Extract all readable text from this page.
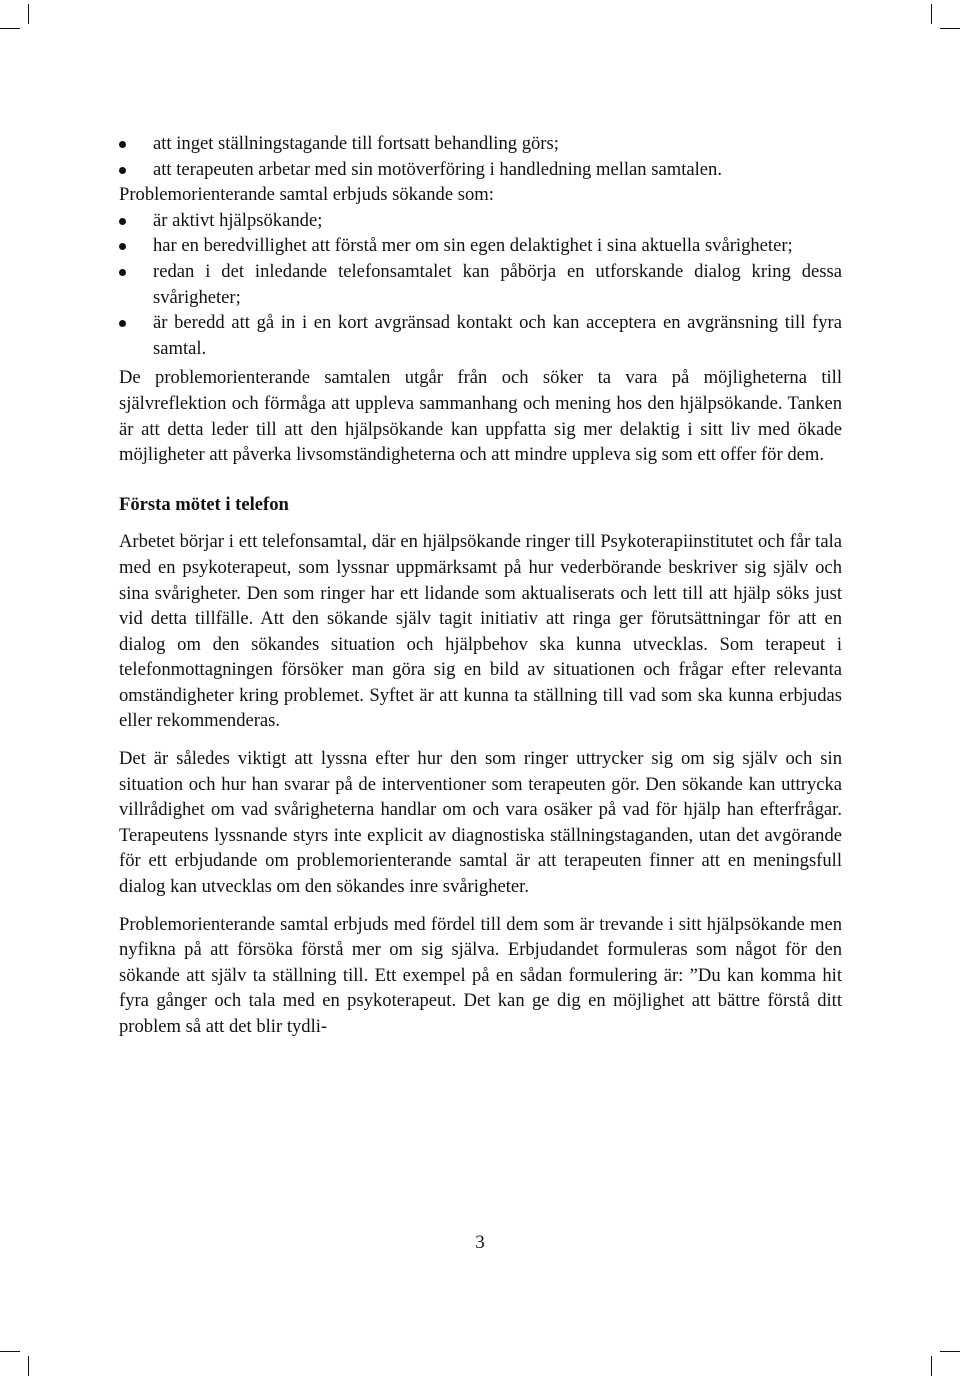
att inget ställningstagande till fortsatt behandling görs;
att terapeuten arbetar med sin motöverföring i handledning mellan samtalen.

Problemorienterande samtal erbjuds sökande som:

är aktivt hjälpsökande;
har en beredvillighet att förstå mer om sin egen delaktighet i sina aktuella svårigheter;
redan i det inledande telefonsamtalet kan påbörja en utforskande dialog kring dessa svårigheter;
är beredd att gå in i en kort avgränsad kontakt och kan acceptera en avgränsning till fyra samtal.

De problemorienterande samtalen utgår från och söker ta vara på möjligheterna till självreflektion och förmåga att uppleva sammanhang och mening hos den hjälpsökande. Tanken är att detta leder till att den hjälpsökande kan uppfatta sig mer delaktig i sitt liv med ökade möjligheter att påverka livsomständigheterna och att mindre uppleva sig som ett offer för dem.

Första mötet i telefon

Arbetet börjar i ett telefonsamtal, där en hjälpsökande ringer till Psykoterapiinstitutet och får tala med en psykoterapeut, som lyssnar uppmärksamt på hur vederbörande beskriver sig själv och sina svårigheter. Den som ringer har ett lidande som aktualiserats och lett till att hjälp söks just vid detta tillfälle. Att den sökande själv tagit initiativ att ringa ger förutsättningar för att en dialog om den sökandes situation och hjälpbehov ska kunna utvecklas. Som terapeut i telefonmottagningen försöker man göra sig en bild av situationen och frågar efter relevanta omständigheter kring problemet. Syftet är att kunna ta ställning till vad som ska kunna erbjudas eller rekommenderas.

Det är således viktigt att lyssna efter hur den som ringer uttrycker sig om sig själv och sin situation och hur han svarar på de interventioner som terapeuten gör. Den sökande kan uttrycka villrådighet om vad svårigheterna handlar om och vara osäker på vad för hjälp han efterfrågar. Terapeutens lyssnande styrs inte explicit av diagnostiska ställningstaganden, utan det avgörande för ett erbjudande om problemorienterande samtal är att terapeuten finner att en meningsfull dialog kan utvecklas om den sökandes inre svårigheter.

Problemorienterande samtal erbjuds med fördel till dem som är trevande i sitt hjälpsökande men nyfikna på att försöka förstå mer om sig själva. Erbjudandet formuleras som något för den sökande att själv ta ställning till. Ett exempel på en sådan formulering är: ”Du kan komma hit fyra gånger och tala med en psykoterapeut. Det kan ge dig en möjlighet att bättre förstå ditt problem så att det blir tydli-

3
